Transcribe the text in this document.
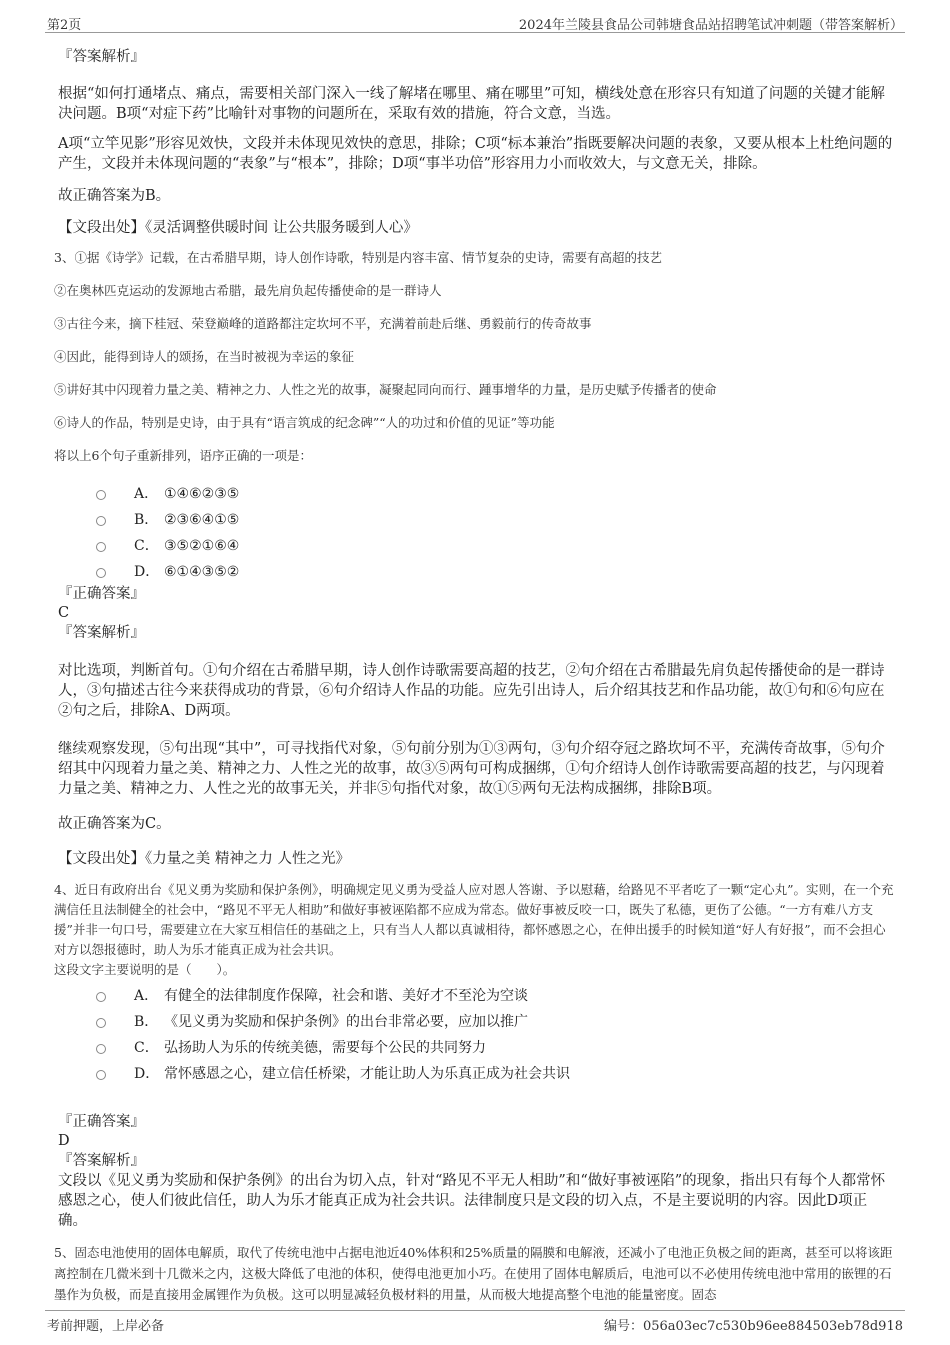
第2页	2024年兰陵县食品公司韩塘食品站招聘笔试冲刺题（带答案解析）

『答案解析』

根据“如何打通堵点、痛点，需要相关部门深入一线了解堵在哪里、痛在哪里”可知，横线处意在形容只有知道了问题的关键才能解决问题。B项“对症下药”比喻针对事物的问题所在，采取有效的措施，符合文意，当选。

A项“立竿见影”形容见效快，文段并未体现见效快的意思，排除；C项“标本兼治”指既要解决问题的表象，又要从根本上杜绝问题的产生，文段并未体现问题的“表象”与“根本”，排除；D项“事半功倍”形容用力小而收效大，与文意无关，排除。

故正确答案为B。

【文段出处】《灵活调整供暖时间 让公共服务暖到人心》

3、①据《诗学》记载，在古希腊早期，诗人创作诗歌，特别是内容丰富、情节复杂的史诗，需要有高超的技艺

②在奥林匹克运动的发源地古希腊，最先肩负起传播使命的是一群诗人

③古往今来，摘下桂冠、荣登巅峰的道路都注定坎坷不平，充满着前赴后继、勇毅前行的传奇故事

④因此，能得到诗人的颂扬，在当时被视为幸运的象征

⑤讲好其中闪现着力量之美、精神之力、人性之光的故事，凝聚起同向而行、踵事增华的力量，是历史赋予传播者的使命

⑥诗人的作品，特别是史诗，由于具有“语言筑成的纪念碑”“人的功过和价值的见证”等功能

将以上6个句子重新排列，语序正确的一项是：

A． ①④⑥②③⑤
B． ②③⑥④①⑤
C． ③⑤②①⑥④
D． ⑥①④③⑤②

『正确答案』

C

『答案解析』

对比选项，判断首句。①句介绍在古希腊早期，诗人创作诗歌需要高超的技艺，②句介绍在古希腊最先肩负起传播使命的是一群诗人，③句描述古往今来获得成功的背景，⑥句介绍诗人作品的功能。应先引出诗人，后介绍其技艺和作品功能，故①句和⑥句应在②句之后，排除A、D两项。

继续观察发现，⑤句出现“其中”，可寻找指代对象，⑤句前分别为①③两句，③句介绍夺冠之路坎坷不平，充满传奇故事，⑤句介绍其中闪现着力量之美、精神之力、人性之光的故事，故③⑤两句可构成捆绑，①句介绍诗人创作诗歌需要高超的技艺，与闪现着力量之美、精神之力、人性之光的故事无关，并非⑤句指代对象，故①⑤两句无法构成捆绑，排除B项。

故正确答案为C。

【文段出处】《力量之美 精神之力 人性之光》

4、近日有政府出台《见义勇为奖励和保护条例》，明确规定见义勇为受益人应对恩人答谢、予以慰藉，给路见不平者吃了一颗“定心丸”。实则，在一个充满信任且法制健全的社会中，“路见不平无人相助”和做好事被诬陷都不应成为常态。做好事被反咬一口，既失了私德，更伤了公德。“一方有难八方支援”并非一句口号，需要建立在大家互相信任的基础之上，只有当人人都以真诚相待，都怀感恩之心，在伸出援手的时候知道“好人有好报”，而不会担心对方以怨报德时，助人为乐才能真正成为社会共识。

这段文字主要说明的是（　　）。

A． 有健全的法律制度作保障，社会和谐、美好才不至沦为空谈
B． 《见义勇为奖励和保护条例》的出台非常必要，应加以推广
C． 弘扬助人为乐的传统美德，需要每个公民的共同努力
D． 常怀感恩之心，建立信任桥梁，才能让助人为乐真正成为社会共识

『正确答案』

D

『答案解析』

文段以《见义勇为奖励和保护条例》的出台为切入点，针对“路见不平无人相助”和“做好事被诬陷”的现象，指出只有每个人都常怀感恩之心，使人们彼此信任，助人为乐才能真正成为社会共识。法律制度只是文段的切入点，不是主要说明的内容。因此D项正确。

5、固态电池使用的固体电解质，取代了传统电池中占据电池近40%体积和25%质量的隔膜和电解液，还减小了电池正负极之间的距离，甚至可以将该距离控制在几微米到十几微米之内，这极大降低了电池的体积，使得电池更加小巧。在使用了固体电解质后，电池可以不必使用传统电池中常用的嵌锂的石墨作为负极，而是直接用金属锂作为负极。这可以明显减轻负极材料的用量，从而极大地提高整个电池的能量密度。固态

考前押题，上岸必备	编号：056a03ec7c530b96ee884503eb78d918
